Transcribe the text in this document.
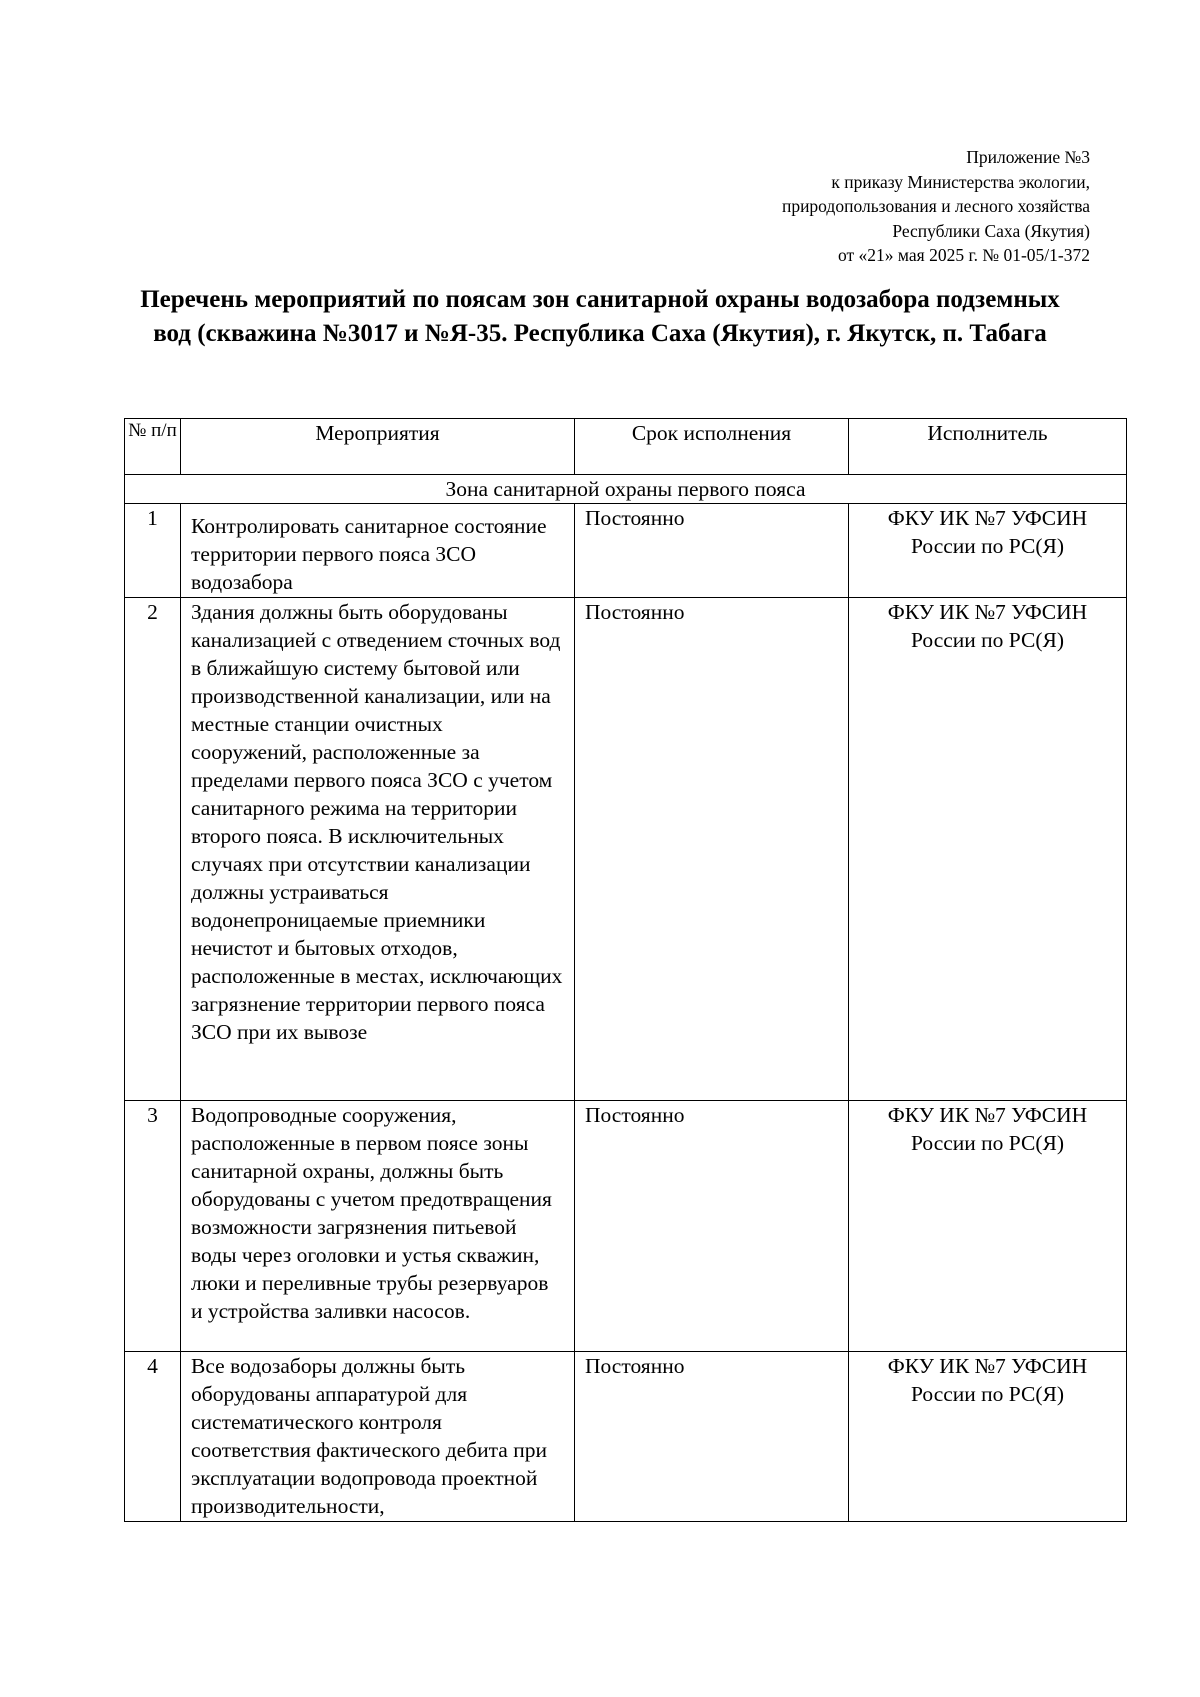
Приложение №3
к приказу Министерства экологии,
природопользования и лесного хозяйства
Республики Саха (Якутия)
от «21» мая 2025 г. № 01-05/1-372
Перечень мероприятий по поясам зон санитарной охраны водозабора подземных вод (скважина №3017 и №Я-35. Республика Саха (Якутия), г. Якутск, п. Табага
№ п/п	Мероприятия	Срок исполнения	Исполнитель
Зона санитарной охраны первого пояса			
1	Контролировать санитарное состояние территории первого пояса ЗСО водозабора	Постоянно	ФКУ ИК №7 УФСИН России по РС(Я)
2	Здания должны быть оборудованы канализацией с отведением сточных вод в ближайшую систему бытовой или производственной канализации, или на местные станции очистных сооружений, расположенные за пределами первого пояса ЗСО с учетом санитарного режима на территории второго пояса. В исключительных случаях при отсутствии канализации должны устраиваться водонепроницаемые приемники нечистот и бытовых отходов, расположенные в местах, исключающих загрязнение территории первого пояса ЗСО при их вывозе	Постоянно	ФКУ ИК №7 УФСИН России по РС(Я)
3	Водопроводные сооружения, расположенные в первом поясе зоны санитарной охраны, должны быть оборудованы с учетом предотвращения возможности загрязнения питьевой воды через оголовки и устья скважин, люки и переливные трубы резервуаров и устройства заливки насосов.	Постоянно	ФКУ ИК №7 УФСИН России по РС(Я)
4	Все водозаборы должны быть оборудованы аппаратурой для систематического контроля соответствия фактического дебита при эксплуатации водопровода проектной производительности,	Постоянно	ФКУ ИК №7 УФСИН России по РС(Я)
